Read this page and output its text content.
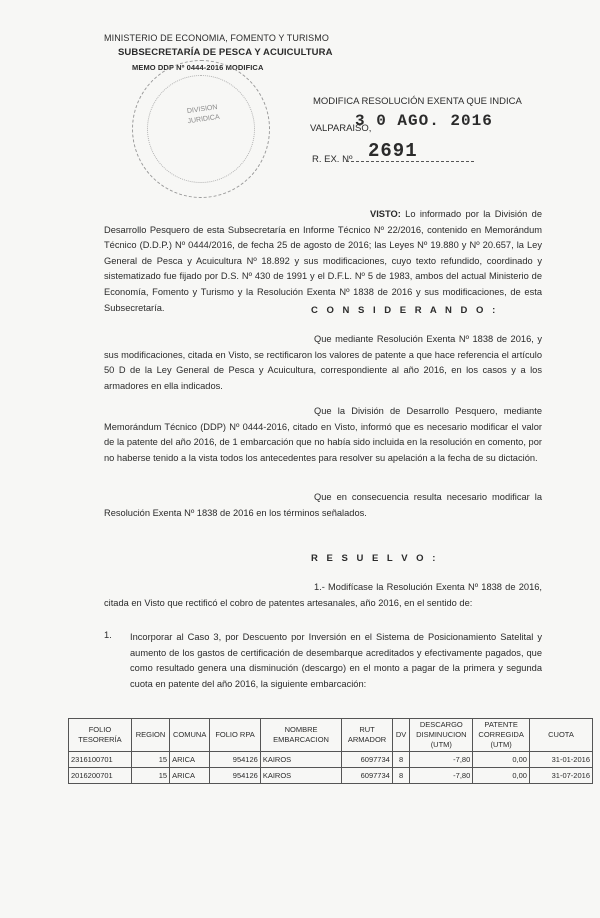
MINISTERIO DE ECONOMIA, FOMENTO Y TURISMO
SUBSECRETARÍA DE PESCA Y ACUICULTURA
MEMO DDP Nº 0444-2016 MODIFICA
DIVISION JURIDICA
MODIFICA RESOLUCIÓN EXENTA QUE INDICA
VALPARAISO,
3 0 AGO. 2016
R. EX. Nº 2691
VISTO: Lo informado por la División de Desarrollo Pesquero de esta Subsecretaría en Informe Técnico Nº 22/2016, contenido en Memorándum Técnico (D.D.P.) Nº 0444/2016, de fecha 25 de agosto de 2016; las Leyes Nº 19.880 y Nº 20.657, la Ley General de Pesca y Acuicultura Nº 18.892 y sus modificaciones, cuyo texto refundido, coordinado y sistematizado fue fijado por D.S. Nº 430 de 1991 y el D.F.L. Nº 5 de 1983, ambos del actual Ministerio de Economía, Fomento y Turismo y la Resolución Exenta Nº 1838 de 2016 y sus modificaciones, de esta Subsecretaría.	C O N S I D E R A N D O :
Que mediante Resolución Exenta Nº 1838 de 2016, y sus modificaciones, citada en Visto, se rectificaron los valores de patente a que hace referencia el artículo 50 D de la Ley General de Pesca y Acuicultura, correspondiente al año 2016, en los casos y a los armadores en ella indicados.
Que la División de Desarrollo Pesquero, mediante Memorándum Técnico (DDP) Nº 0444-2016, citado en Visto, informó que es necesario modificar el valor de la patente del año 2016, de 1 embarcación que no había sido incluida en la resolución en comento, por no haberse tenido a la vista todos los antecedentes para resolver su apelación a la fecha de su dictación.
Que en consecuencia resulta necesario modificar la Resolución Exenta Nº 1838 de 2016 en los términos señalados.
R E S U E L V O :
1.- Modifícase la Resolución Exenta Nº 1838 de 2016, citada en Visto que rectificó el cobro de patentes artesanales, año 2016, en el sentido de:
1. Incorporar al Caso 3, por Descuento por Inversión en el Sistema de Posicionamiento Satelital y aumento de los gastos de certificación de desembarque acreditados y efectivamente pagados, que como resultado genera una disminución (descargo) en el monto a pagar de la primera y segunda cuota en patente del año 2016, la siguiente embarcación:
FOLIO TESORERÍA	REGION	COMUNA	FOLIO RPA	NOMBRE EMBARCACION	RUT ARMADOR	DV	DESCARGO DISMINUCION (UTM)	PATENTE CORREGIDA (UTM)	CUOTA
2316100701	15	ARICA	954126	KAIROS	6097734	8	-7,80	0,00	31-01-2016
2016200701	15	ARICA	954126	KAIROS	6097734	8	-7,80	0,00	31-07-2016
